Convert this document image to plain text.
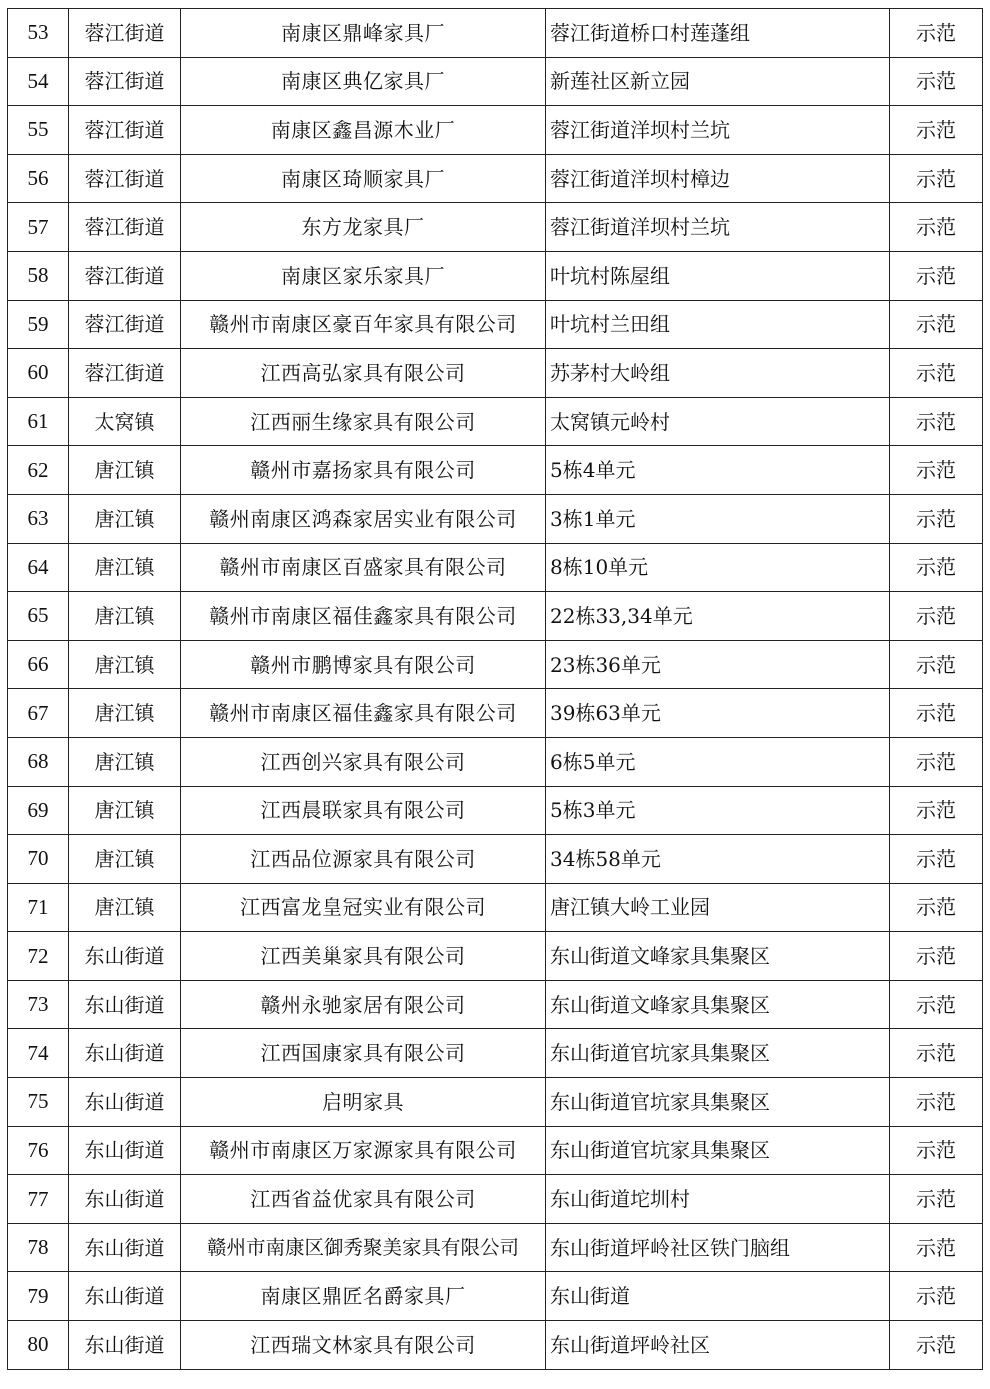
53	蓉江街道	南康区鼎峰家具厂	蓉江街道桥口村莲蓬组	示范
54	蓉江街道	南康区典亿家具厂	新莲社区新立园	示范
55	蓉江街道	南康区鑫昌源木业厂	蓉江街道洋坝村兰坑	示范
56	蓉江街道	南康区琦顺家具厂	蓉江街道洋坝村樟边	示范
57	蓉江街道	东方龙家具厂	蓉江街道洋坝村兰坑	示范
58	蓉江街道	南康区家乐家具厂	叶坑村陈屋组	示范
59	蓉江街道	赣州市南康区豪百年家具有限公司	叶坑村兰田组	示范
60	蓉江街道	江西高弘家具有限公司	苏茅村大岭组	示范
61	太窝镇	江西丽生缘家具有限公司	太窝镇元岭村	示范
62	唐江镇	赣州市嘉扬家具有限公司	5栋4单元	示范
63	唐江镇	赣州南康区鸿森家居实业有限公司	3栋1单元	示范
64	唐江镇	赣州市南康区百盛家具有限公司	8栋10单元	示范
65	唐江镇	赣州市南康区福佳鑫家具有限公司	22栋33,34单元	示范
66	唐江镇	赣州市鹏博家具有限公司	23栋36单元	示范
67	唐江镇	赣州市南康区福佳鑫家具有限公司	39栋63单元	示范
68	唐江镇	江西创兴家具有限公司	6栋5单元	示范
69	唐江镇	江西晨联家具有限公司	5栋3单元	示范
70	唐江镇	江西品位源家具有限公司	34栋58单元	示范
71	唐江镇	江西富龙皇冠实业有限公司	唐江镇大岭工业园	示范
72	东山街道	江西美巢家具有限公司	东山街道文峰家具集聚区	示范
73	东山街道	赣州永驰家居有限公司	东山街道文峰家具集聚区	示范
74	东山街道	江西国康家具有限公司	东山街道官坑家具集聚区	示范
75	东山街道	启明家具	东山街道官坑家具集聚区	示范
76	东山街道	赣州市南康区万家源家具有限公司	东山街道官坑家具集聚区	示范
77	东山街道	江西省益优家具有限公司	东山街道坨圳村	示范
78	东山街道	赣州市南康区御秀聚美家具有限公司	东山街道坪岭社区铁门脑组	示范
79	东山街道	南康区鼎匠名爵家具厂	东山街道	示范
80	东山街道	江西瑞文林家具有限公司	东山街道坪岭社区	示范
